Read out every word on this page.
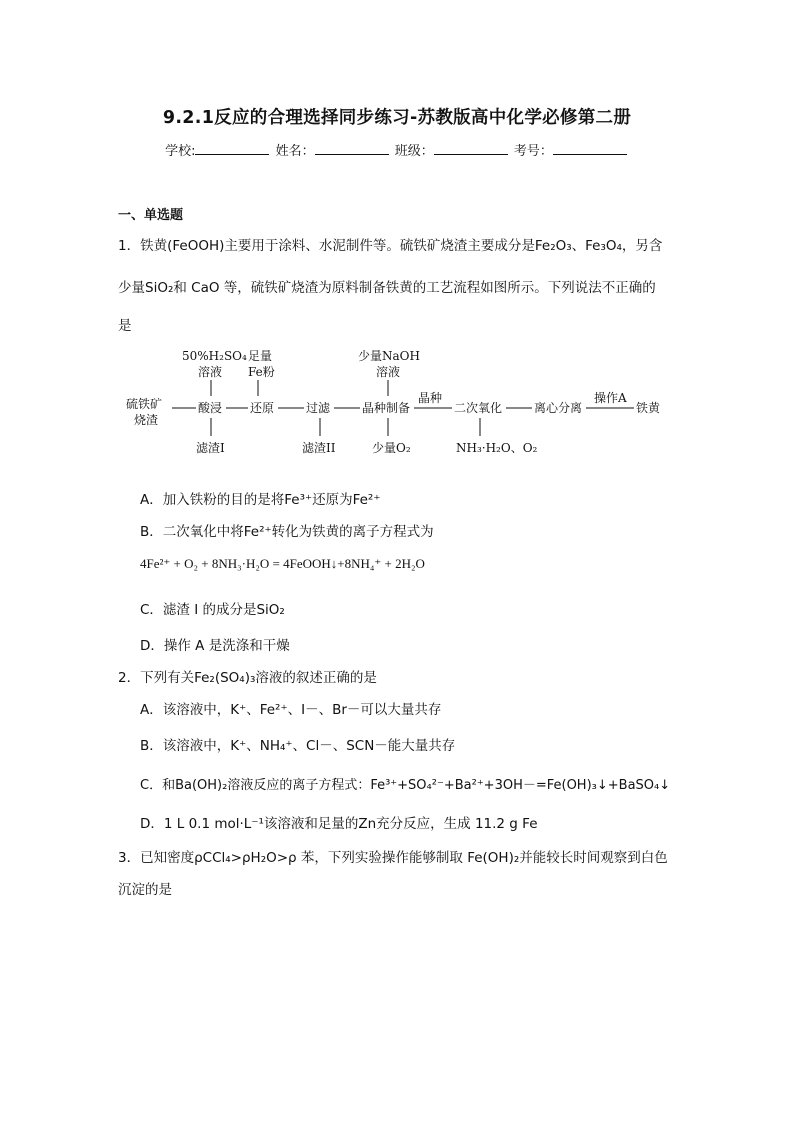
9.2.1反应的合理选择同步练习-苏教版高中化学必修第二册
学校:	姓名：	班级：	考号：
一、单选题
1．铁黄(FeOOH)主要用于涂料、水泥制件等。硫铁矿烧渣主要成分是Fe₂O₃、Fe₃O₄，另含
少量SiO₂和 CaO 等，硫铁矿烧渣为原料制备铁黄的工艺流程如图所示。下列说法不正确的
是
50%H₂SO₄
溶液
足量
Fe粉
少量NaOH
溶液
硫铁矿
烧渣
酸浸 还原	过滤	晶种制备
晶种
二次氧化	离心分离
操作A
铁黄
滤渣I	滤渣II	少量O₂	NH₃·H₂O、O₂
A．加入铁粉的目的是将Fe³⁺还原为Fe²⁺
B．二次氧化中将Fe²⁺转化为铁黄的离子方程式为
4Fe²⁺ + O₂ + 8NH₃·H₂O = 4FeOOH↓+8NH₄⁺ + 2H₂O
C．滤渣 I 的成分是SiO₂
D．操作 A 是洗涤和干燥
2．下列有关Fe₂(SO₄)₃溶液的叙述正确的是
A．该溶液中，K⁺、Fe²⁺、I－、Br－可以大量共存
B．该溶液中，K⁺、NH₄⁺、Cl－、SCN－能大量共存
C．和Ba(OH)₂溶液反应的离子方程式：Fe³⁺+SO₄²⁻+Ba²⁺+3OH－=Fe(OH)₃↓+BaSO₄↓
D．1 L 0.1 mol·L⁻¹该溶液和足量的Zn充分反应，生成 11.2 g Fe
3．已知密度ρCCl₄>ρH₂O>ρ 苯，下列实验操作能够制取 Fe(OH)₂并能较长时间观察到白色
沉淀的是
